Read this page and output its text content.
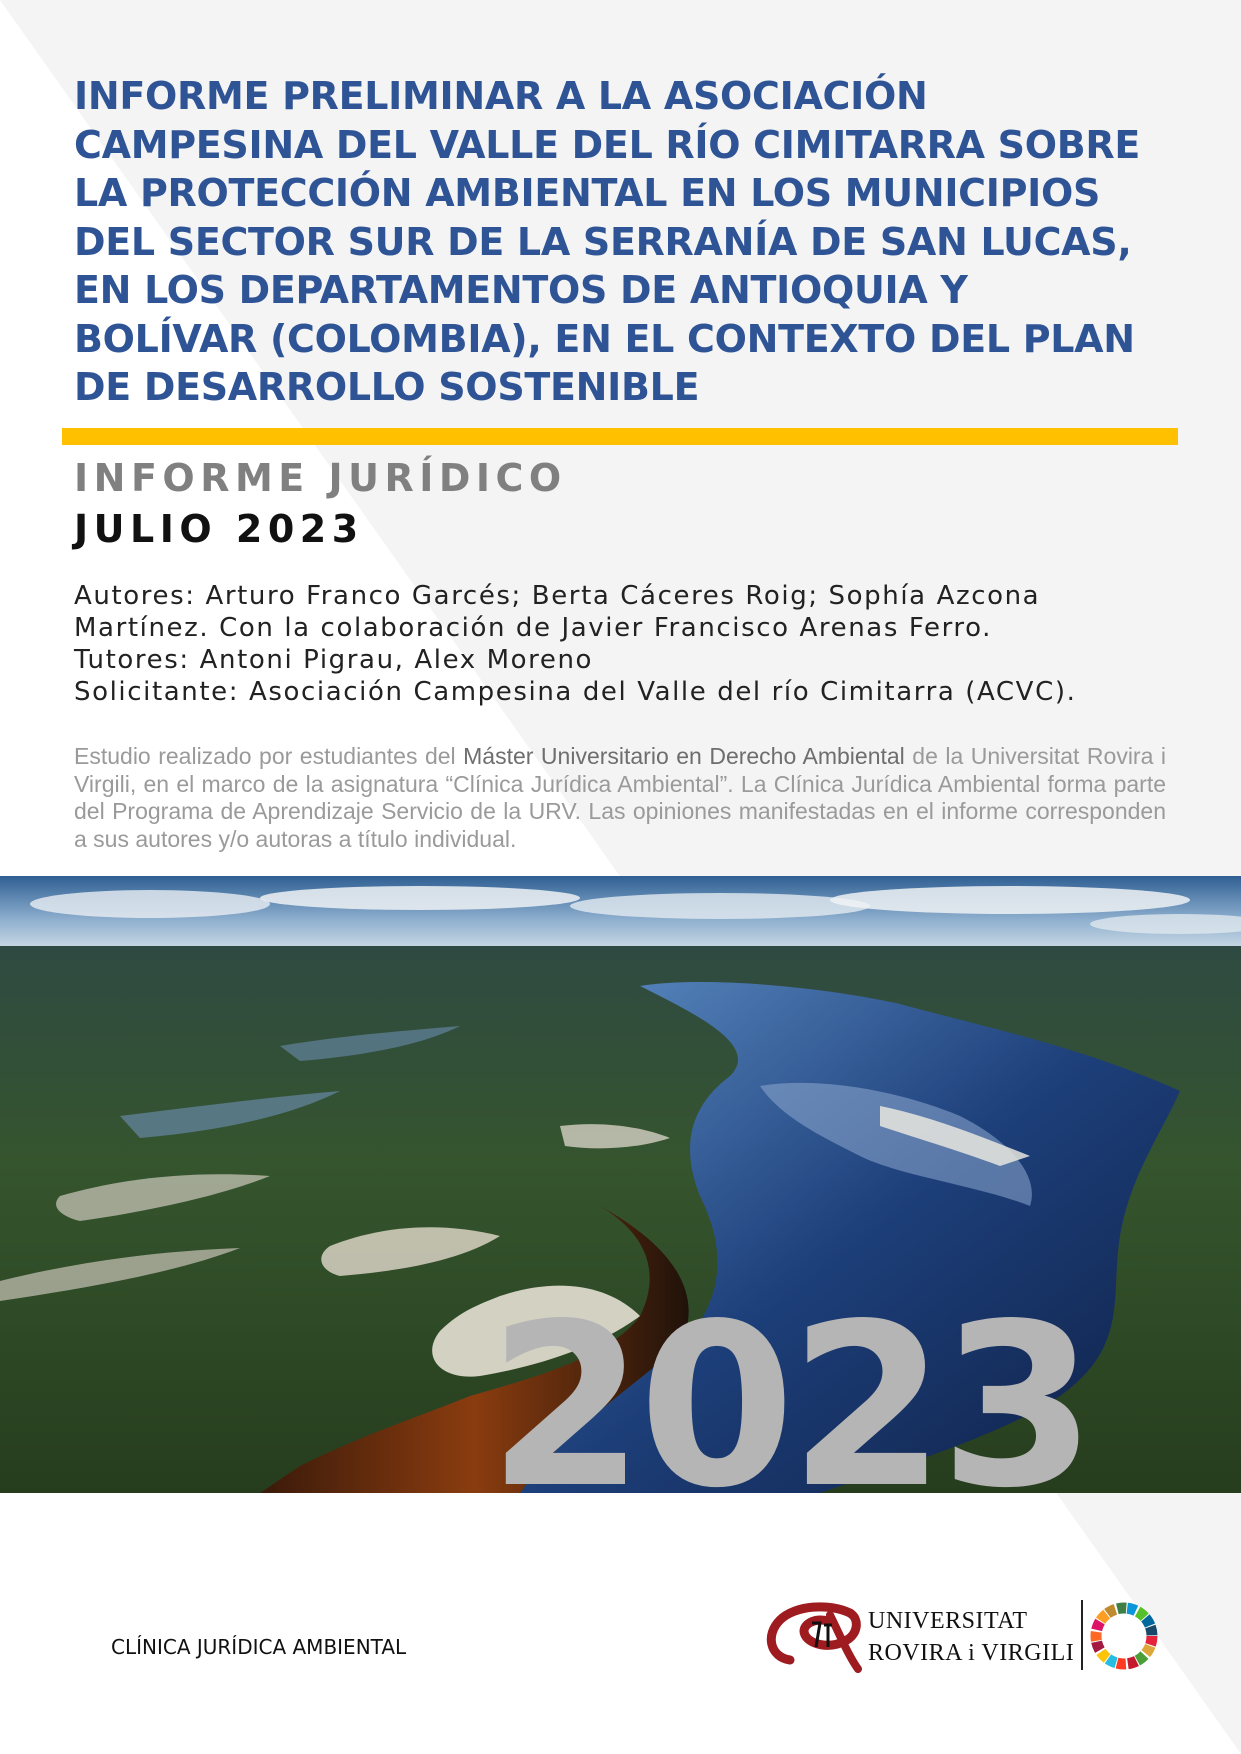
INFORME PRELIMINAR A LA ASOCIACIÓN
CAMPESINA DEL VALLE DEL RÍO CIMITARRA SOBRE
LA PROTECCIÓN AMBIENTAL EN LOS MUNICIPIOS
DEL SECTOR SUR DE LA SERRANÍA DE SAN LUCAS,
EN LOS DEPARTAMENTOS DE ANTIOQUIA Y
BOLÍVAR (COLOMBIA), EN EL CONTEXTO DEL PLAN
DE DESARROLLO SOSTENIBLE
INFORME JURÍDICO
JULIO 2023

Autores: Arturo Franco Garcés; Berta Cáceres Roig; Sophía Azcona

Martínez. Con la colaboración de Javier Francisco Arenas Ferro.

Tutores: Antoni Pigrau, Alex Moreno

Solicitante: Asociación Campesina del Valle del río Cimitarra (ACVC).

Estudio realizado por estudiantes del Máster Universitario en Derecho Ambiental de la Universitat Rovira i Virgili, en el marco de la asignatura “Clínica Jurídica Ambiental”. La Clínica Jurídica Ambiental forma parte del Programa de Aprendizaje Servicio de la URV. Las opiniones manifestadas en el informe corresponden a sus autores y/o autoras a título individual.

2023
CLÍNICA JURÍDICA AMBIENTAL
UNIVERSITAT
ROVIRA i VIRGILI
